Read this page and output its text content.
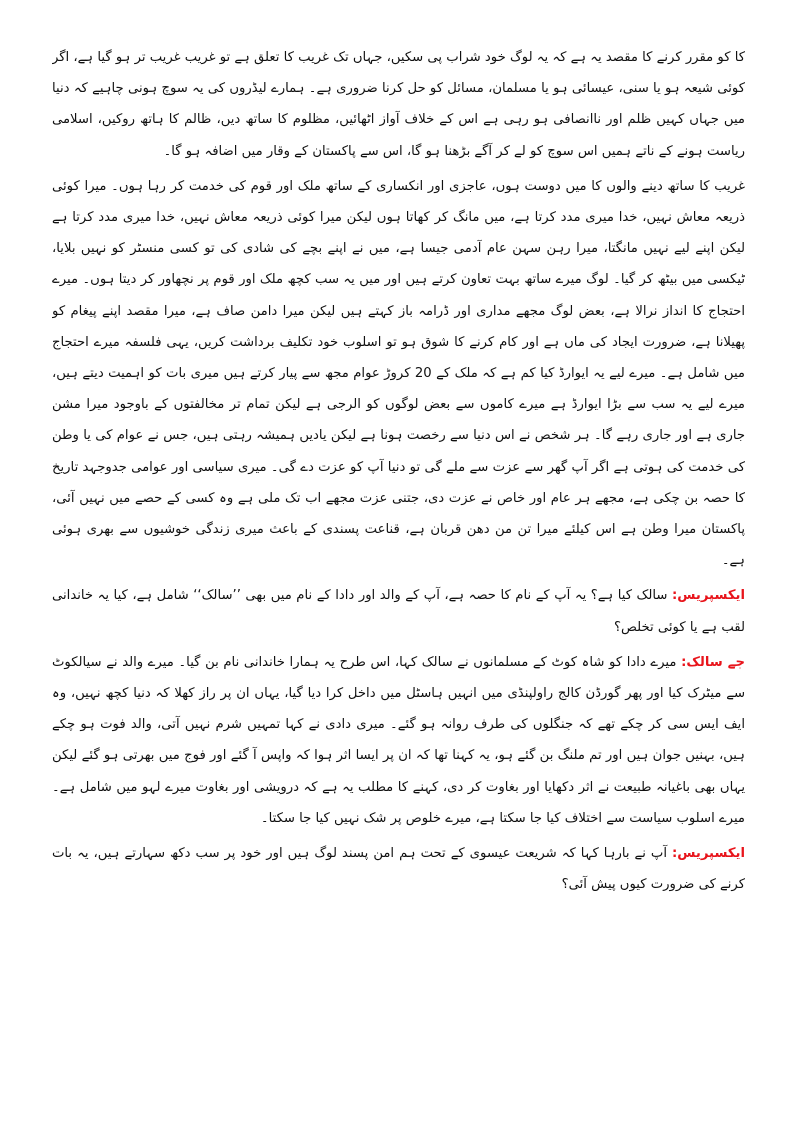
کا کو مقرر کرنے کا مقصد یہ ہے کہ یہ لوگ خود شراب پی سکیں، جہاں تک غریب کا تعلق ہے تو غریب غریب تر ہو گیا ہے، اگر کوئی شیعہ ہو یا سنی، عیسائی ہو یا مسلمان، مسائل کو حل کرنا ضروری ہے۔ ہمارے لیڈروں کی یہ سوچ ہونی چاہیے کہ دنیا میں جہاں کہیں ظلم اور ناانصافی ہو رہی ہے اس کے خلاف آواز اٹھائیں، مظلوم کا ساتھ دیں، ظالم کا ہاتھ روکیں، اسلامی ریاست ہونے کے ناتے ہمیں اس سوچ کو لے کر آگے بڑھنا ہو گا، اس سے پاکستان کے وقار میں اضافہ ہو گا۔

غریب کا ساتھ دینے والوں کا میں دوست ہوں، عاجزی اور انکساری کے ساتھ ملک اور قوم کی خدمت کر رہا ہوں۔ میرا کوئی ذریعہ معاش نہیں، خدا میری مدد کرتا ہے، میں مانگ کر کھاتا ہوں لیکن میرا کوئی ذریعہ معاش نہیں، خدا میری مدد کرتا ہے لیکن اپنے لیے نہیں مانگتا، میرا رہن سہن عام آدمی جیسا ہے، میں نے اپنے بچے کی شادی کی تو کسی منسٹر کو نہیں بلایا، ٹیکسی میں بیٹھ کر گیا۔ لوگ میرے ساتھ بہت تعاون کرتے ہیں اور میں یہ سب کچھ ملک اور قوم پر نچھاور کر دیتا ہوں۔ میرے احتجاج کا انداز نرالا ہے، بعض لوگ مجھے مداری اور ڈرامہ باز کہتے ہیں لیکن میرا دامن صاف ہے، میرا مقصد اپنے پیغام کو پھیلانا ہے، ضرورت ایجاد کی ماں ہے اور کام کرنے کا شوق ہو تو اسلوب خود تکلیف برداشت کریں، یہی فلسفہ میرے احتجاج میں شامل ہے۔ میرے لیے یہ ایوارڈ کیا کم ہے کہ ملک کے 20 کروڑ عوام مجھ سے پیار کرتے ہیں میری بات کو اہمیت دیتے ہیں، میرے لیے یہ سب سے بڑا ایوارڈ ہے میرے کاموں سے بعض لوگوں کو الرجی ہے لیکن تمام تر مخالفتوں کے باوجود میرا مشن جاری ہے اور جاری رہے گا۔ ہر شخص نے اس دنیا سے رخصت ہونا ہے لیکن یادیں ہمیشہ رہتی ہیں، جس نے عوام کی یا وطن کی خدمت کی ہوتی ہے اگر آپ گھر سے عزت سے ملے گی تو دنیا آپ کو عزت دے گی۔ میری سیاسی اور عوامی جدوجہد تاریخ کا حصہ بن چکی ہے، مجھے ہر عام اور خاص نے عزت دی، جتنی عزت مجھے اب تک ملی ہے وہ کسی کے حصے میں نہیں آئی، پاکستان میرا وطن ہے اس کیلئے میرا تن من دھن قربان ہے، قناعت پسندی کے باعث میری زندگی خوشیوں سے بھری ہوئی ہے۔

ایکسپریس: سالک کیا ہے؟ یہ آپ کے نام کا حصہ ہے، آپ کے والد اور دادا کے نام میں بھی ’’سالک‘‘ شامل ہے، کیا یہ خاندانی لقب ہے یا کوئی تخلص؟

جے سالک: میرے دادا کو شاہ کوٹ کے مسلمانوں نے سالک کہا، اس طرح یہ ہمارا خاندانی نام بن گیا۔ میرے والد نے سیالکوٹ سے میٹرک کیا اور پھر گورڈن کالج راولپنڈی میں انہیں ہاسٹل میں داخل کرا دیا گیا، یہاں ان پر راز کھلا کہ دنیا کچھ نہیں، وہ ایف ایس سی کر چکے تھے کہ جنگلوں کی طرف روانہ ہو گئے۔ میری دادی نے کہا تمہیں شرم نہیں آتی، والد فوت ہو چکے ہیں، بہنیں جوان ہیں اور تم ملنگ بن گئے ہو، یہ کہنا تھا کہ ان پر ایسا اثر ہوا کہ واپس آ گئے اور فوج میں بھرتی ہو گئے لیکن یہاں بھی باغیانہ طبیعت نے اثر دکھایا اور بغاوت کر دی، کہنے کا مطلب یہ ہے کہ درویشی اور بغاوت میرے لہو میں شامل ہے۔ میرے اسلوب سیاست سے اختلاف کیا جا سکتا ہے، میرے خلوص پر شک نہیں کیا جا سکتا۔

ایکسپریس: آپ نے بارہا کہا کہ شریعت عیسوی کے تحت ہم امن پسند لوگ ہیں اور خود پر سب دکھ سہارتے ہیں، یہ بات کرنے کی ضرورت کیوں پیش آئی؟
